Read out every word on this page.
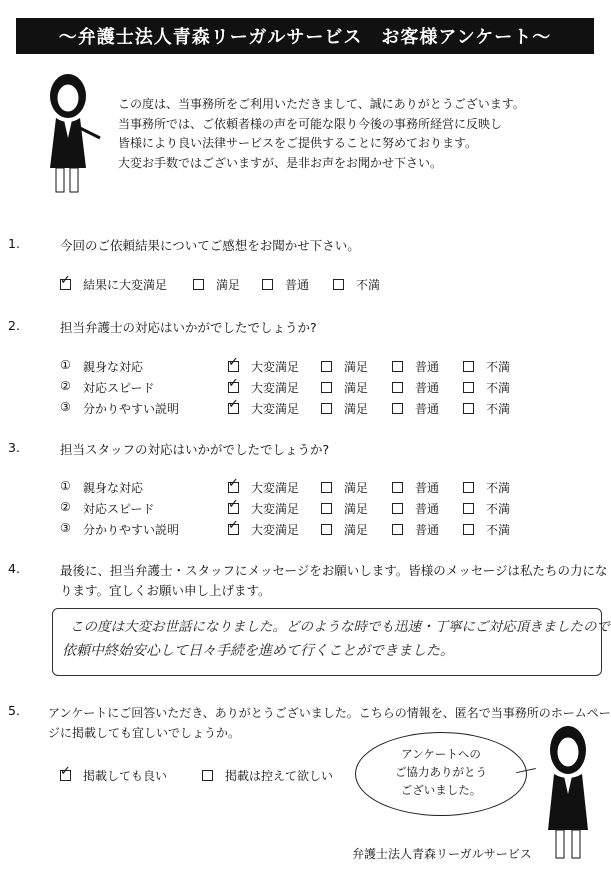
〜弁護士法人青森リーガルサービス　お客様アンケート〜

この度は、当事務所をご利用いただきまして、誠にありがとうございます。

当事務所では、ご依頼者様の声を可能な限り今後の事務所経営に反映し

皆様により良い法律サービスをご提供することに努めております。

大変お手数ではございますが、是非お声をお聞かせ下さい。

1.	今回のご依頼結果についてご感想をお聞かせ下さい。
✓結果に大変満足	満足	普通	不満
2.	担当弁護士の対応はいかがでしたでしょうか?
① 親身な対応 ✓	大変満足	満足	普通	不満
② 対応スピード ✓	大変満足	満足	普通	不満
③ 分かりやすい説明 ✓	大変満足	満足	普通	不満
3.	担当スタッフの対応はいかがでしたでしょうか?
① 親身な対応 ✓	大変満足	満足	普通	不満
② 対応スピード ✓	大変満足	満足	普通	不満
③ 分かりやすい説明 ✓	大変満足	満足	普通	不満
4.	最後に、担当弁護士・スタッフにメッセージをお願いします。皆様のメッセージは私たちの力にな
ります。宜しくお願い申し上げます。
この度は大変お世話になりました。どのような時でも迅速・丁寧にご対応頂きましたので
依頼中終始安心して日々手続を進めて行くことができました。
5. アンケートにご回答いただき、ありがとうございました。こちらの情報を、匿名で当事務所のホームペー
ジに掲載しても宜しいでしょうか。
✓掲載しても良い	掲載は控えて欲しい
アンケートへの
ご協力ありがとう
ございました。
弁護士法人青森リーガルサービス
